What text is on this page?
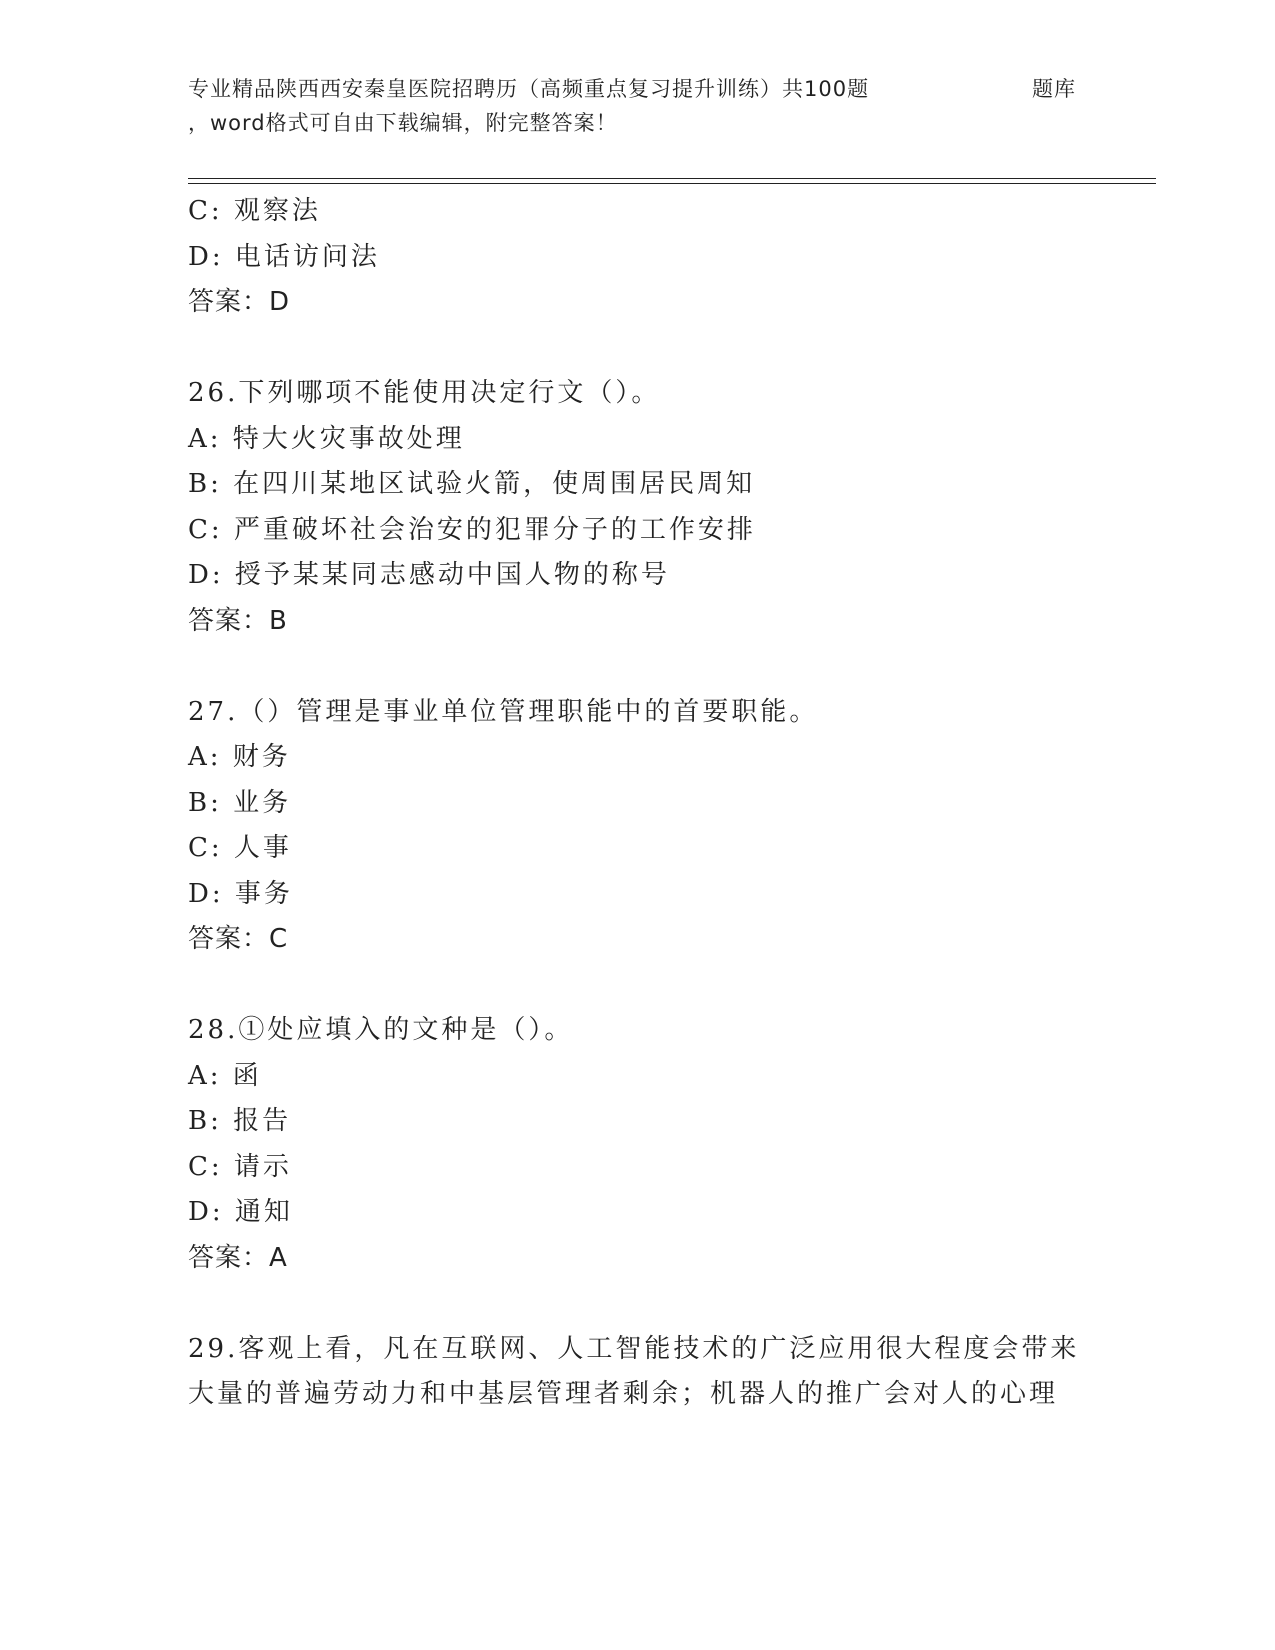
专业精品陕西西安秦皇医院招聘历（高频重点复习提升训练）共100题
，word格式可自由下载编辑，附完整答案！
题库
C: 观察法
D: 电话访问法
答案：D
26.下列哪项不能使用决定行文（）。
A: 特大火灾事故处理
B: 在四川某地区试验火箭，使周围居民周知
C: 严重破坏社会治安的犯罪分子的工作安排
D: 授予某某同志感动中国人物的称号
答案：B
27.（）管理是事业单位管理职能中的首要职能。
A: 财务
B: 业务
C: 人事
D: 事务
答案：C
28.①处应填入的文种是（）。
A: 函
B: 报告
C: 请示
D: 通知
答案：A
29.客观上看，凡在互联网、人工智能技术的广泛应用很大程度会带来
大量的普遍劳动力和中基层管理者剩余；机器人的推广会对人的心理
